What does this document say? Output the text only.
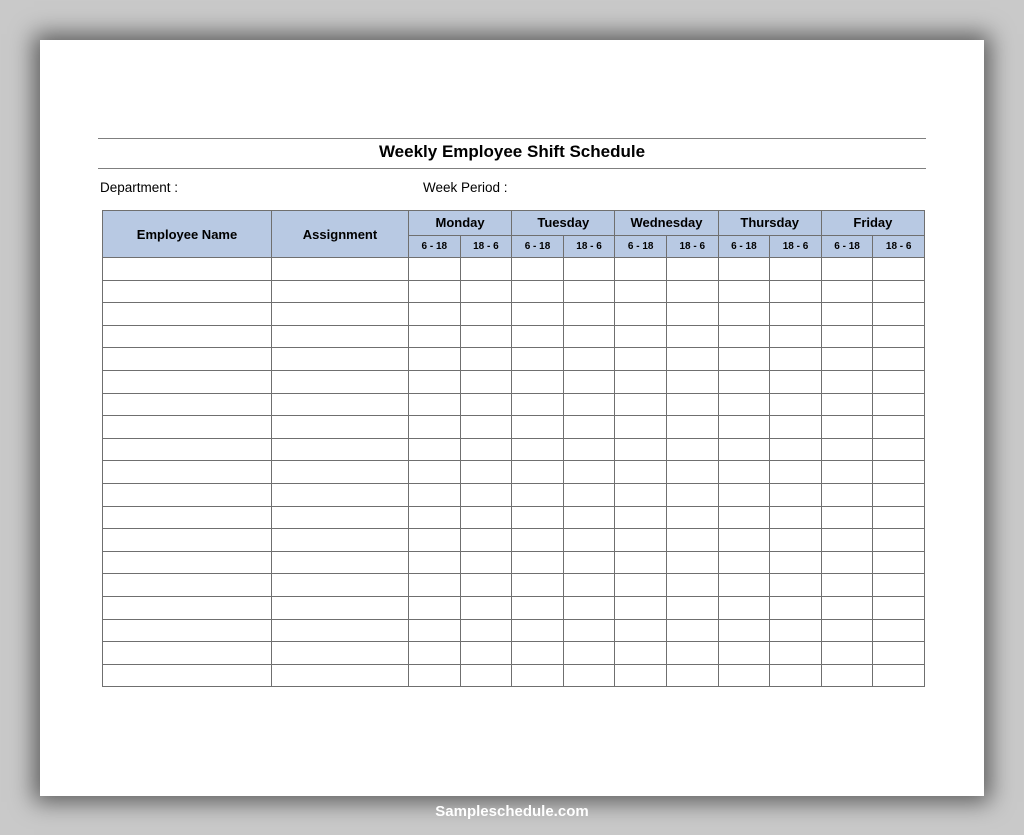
Weekly Employee Shift Schedule
Department :	Week Period :
Employee Name	Assignment	Monday		Tuesday		Wednesday		Thursday		Friday	
		6 - 18	18 - 6	6 - 18	18 - 6	6 - 18	18 - 6	6 - 18	18 - 6	6 - 18	18 - 6

Sampleschedule.com
